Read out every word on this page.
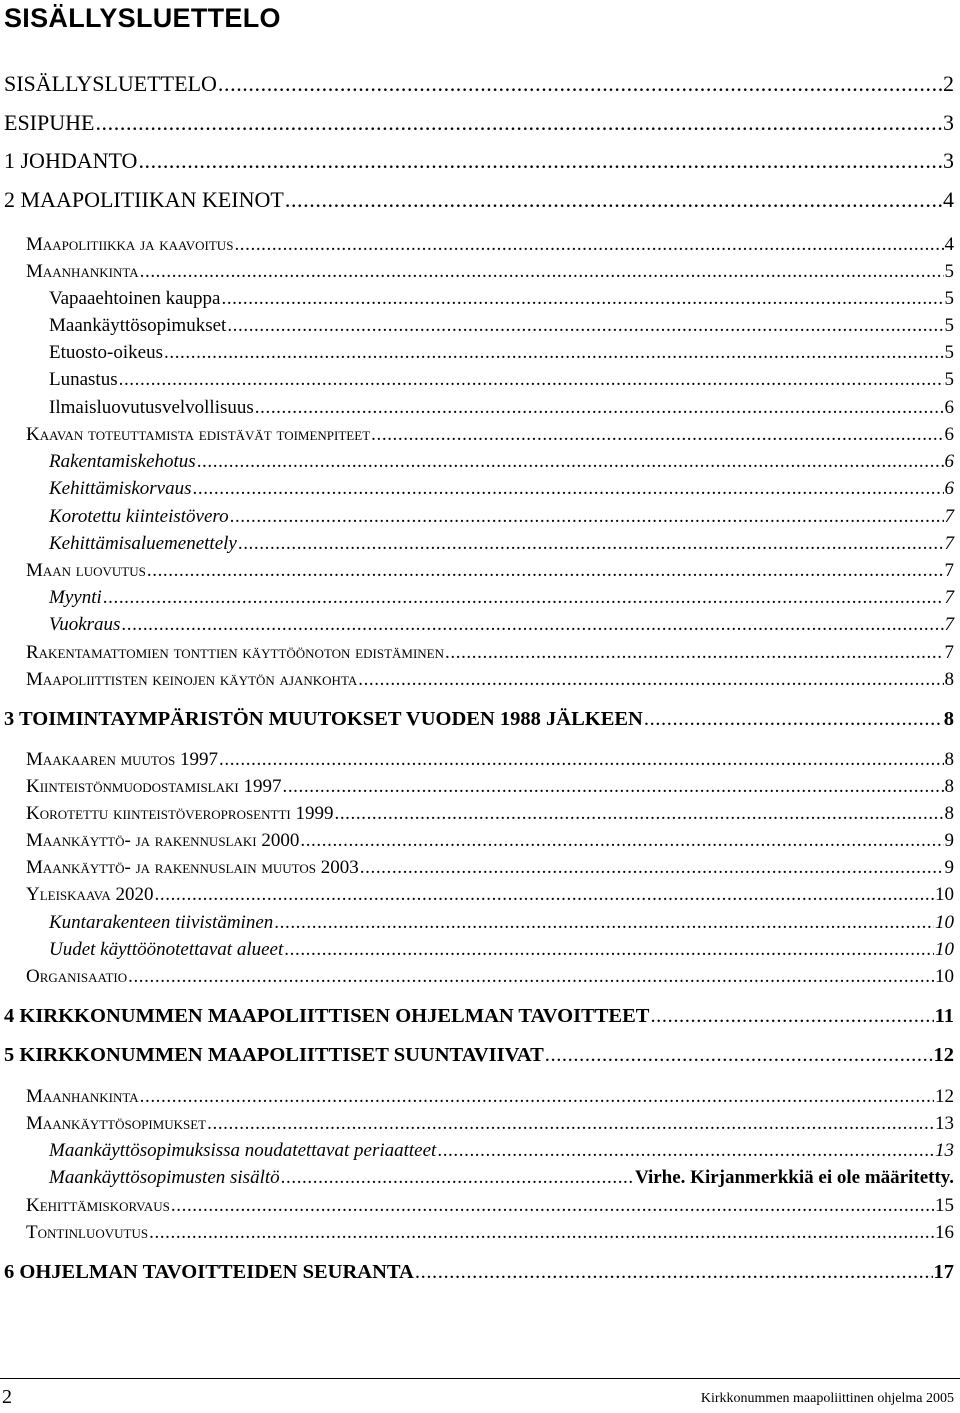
SISÄLLYSLUETTELO
SISÄLLYSLUETTELO .....	2
ESIPUHE .....	3
1 JOHDANTO .....	3
2 MAAPOLITIIKAN KEINOT .....	4
Maapolitiikka ja kaavoitus .....	4
Maanhankinta .....	5
Vapaaehtoinen kauppa .....	5
Maankäyttösopimukset .....	5
Etuosto-oikeus .....	5
Lunastus .....	5
Ilmaisluovutusvelvollisuus .....	6
Kaavan toteuttamista edistävät toimenpiteet .....	6
Rakentamiskehotus .....	6
Kehittämiskorvaus .....	6
Korotettu kiinteistövero .....	7
Kehittämisaluemenettely .....	7
Maan luovutus .....	7
Myynti .....	7
Vuokraus .....	7
Rakentamattomien tonttien käyttöönoton edistäminen .....	7
Maapoliittisten keinojen käytön ajankohta .....	8
3 TOIMINTAYMPÄRISTÖN MUUTOKSET VUODEN 1988 JÄLKEEN .....	8
Maakaaren muutos 1997 .....	8
Kiinteistönmuodostamislaki 1997 .....	8
Korotettu kiinteistöveroprosentti 1999 .....	8
Maankäyttö- ja rakennuslaki 2000 .....	9
Maankäyttö- ja rakennuslain muutos 2003 .....	9
Yleiskaava 2020 .....	10
Kuntarakenteen tiivistäminen .....	10
Uudet käyttöönotettavat alueet .....	10
Organisaatio .....	10
4 KIRKKONUMMEN MAAPOLIITTISEN OHJELMAN TAVOITTEET .....	11
5 KIRKKONUMMEN MAAPOLIITTISET SUUNTAVIIVAT .....	12
Maanhankinta .....	12
Maankäyttösopimukset .....	13
Maankäyttösopimuksissa noudatettavat periaatteet .....	13
Maankäyttösopimusten sisältö .....	Virhe. Kirjanmerkkiä ei ole määritetty.
Kehittämiskorvaus .....	15
Tontinluovutus .....	16
6 OHJELMAN TAVOITTEIDEN SEURANTA .....	17
2	Kirkkonummen maapoliittinen ohjelma 2005
